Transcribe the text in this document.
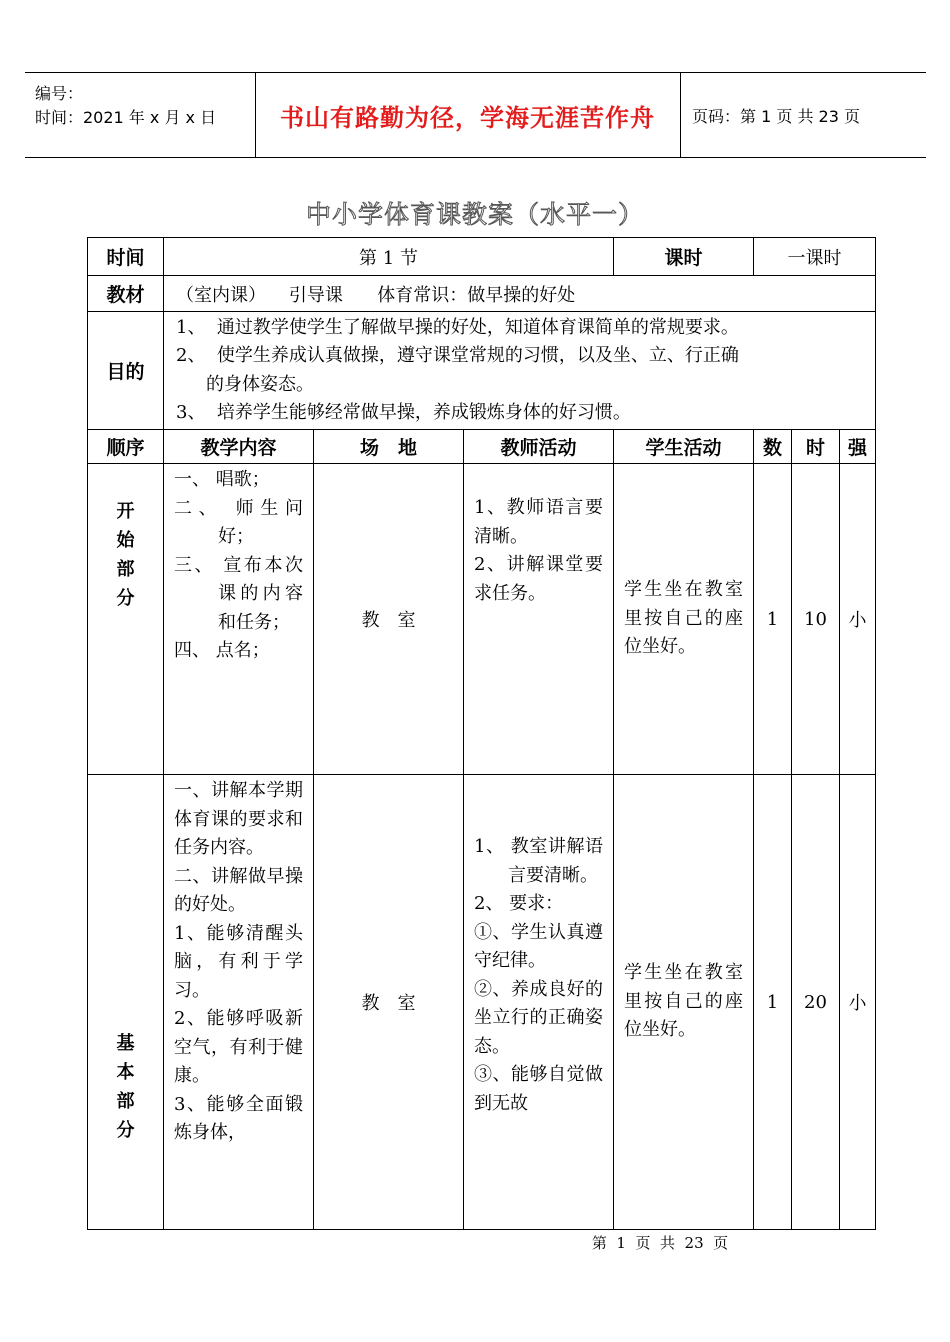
编号：
时间：2021 年 x 月 x 日	书山有路勤为径，学海无涯苦作舟 页码：第 1 页 共 23 页
中小学体育课教案（水平一）
时间	第 1 节			课时	一课时		
教材	（室内课）    引导课      体育常识：做早操的好处						
目的	1、  通过教学使学生了解做早操的好处，知道体育课简单的常规要求。
2、  使学生养成认真做操，遵守课堂常规的习惯，以及坐、立、行正确
的身体姿态。
3、  培养学生能够经常做早操，养成锻炼身体的好习惯。						

顺序	教学内容	场　地	教师活动	学生活动	数	时	强

开
始
部
分	一、 唱歌；
二、 师生问好；
三、 宣布本次课的内容和任务；
四、 点名；	教　室	1、教师语言要清晰。
2、讲解课堂要求任务。	学生坐在教室里按自己的座位坐好。	1	10	小

基
本
部
分	一、讲解本学期体育课的要求和任务内容。
二、讲解做早操的好处。
1、能够清醒头脑，有利于学习。
2、能够呼吸新空气，有利于健康。
3、能够全面锻炼身体，	教　室	1、 教室讲解语言要清晰。
2、 要求：
①、学生认真遵守纪律。
②、养成良好的坐立行的正确姿态。
③、能够自觉做到无故	学生坐在教室里按自己的座位坐好。	1	20	小
第  1  页  共  23  页
